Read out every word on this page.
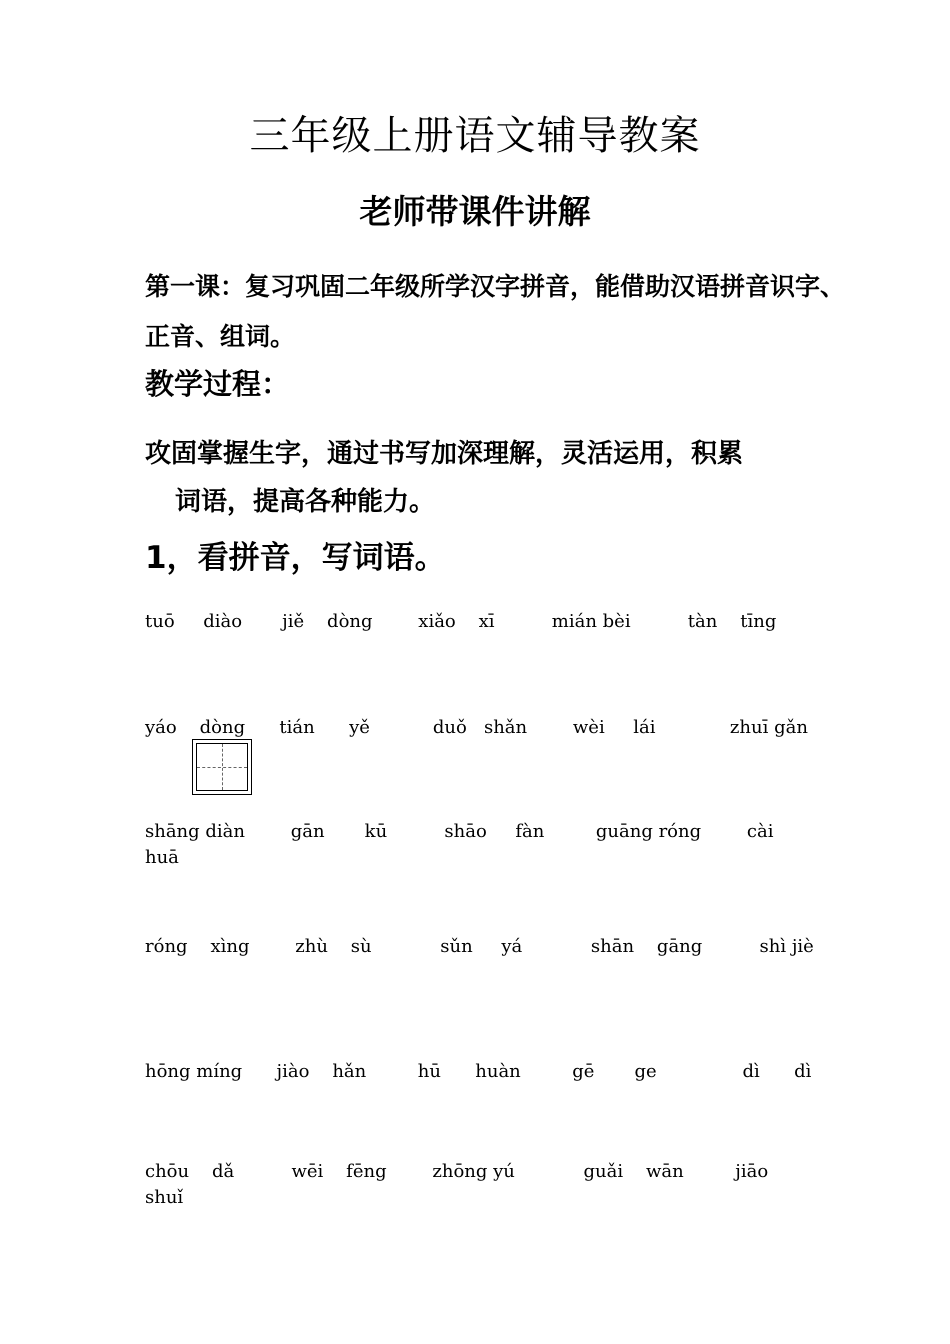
三年级上册语文辅导教案
老师带课件讲解

第一课：复习巩固二年级所学汉字拼音，能借助汉语拼音识字、正音、组词。

教学过程：

攻固掌握生字，通过书写加深理解，灵活运用，积累
词语，提高各种能力。

1，看拼音，写词语。

tuō     diào       jiě    dòng        xiǎo    xī          mián bèi          tàn    tīng
yáo    dòng      tián      yě           duǒ   shǎn        wèi     lái             zhuī gǎn
shāng diàn        gān       kū          shāo     fàn         guāng róng        cài     huā
róng    xìng        zhù    sù            sǔn     yá            shān    gāng          shì jiè
hōng míng      jiào    hǎn         hū      huàn         gē       ge               dì      dì
chōu    dǎ          wēi    fēng        zhōng yú            guǎi    wān         jiāo  shuǐ
